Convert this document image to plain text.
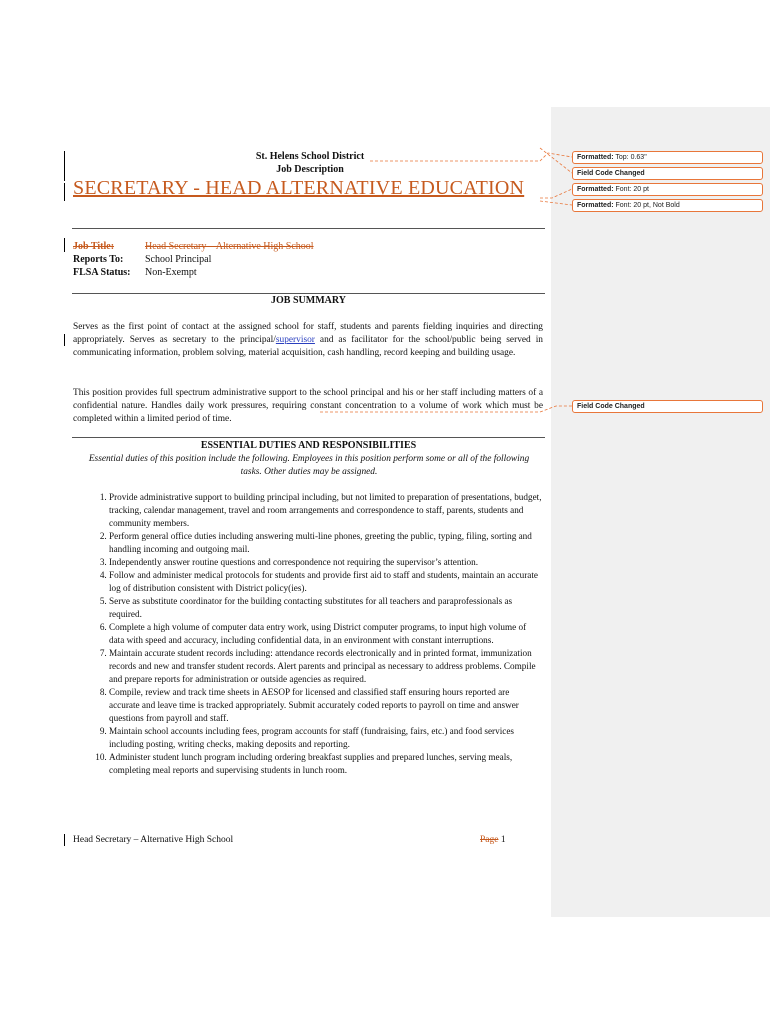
Formatted: Top: 0.63"
Field Code Changed
Formatted: Font: 20 pt
Formatted: Font: 20 pt, Not Bold
Field Code Changed
St. Helens School District
Job Description
SECRETARY - HEAD ALTERNATIVE EDUCATION
Job Title:	Head Secretary – Alternative High School
Reports To: School Principal
FLSA Status: Non-Exempt
JOB SUMMARY
Serves as the first point of contact at the assigned school for staff, students and parents fielding inquiries and directing appropriately. Serves as secretary to the principal/supervisor and as facilitator for the school/public being served in communicating information, problem solving, material acquisition, cash handling, record keeping and building usage.
This position provides full spectrum administrative support to the school principal and his or her staff including matters of a confidential nature. Handles daily work pressures, requiring constant concentration to a volume of work which must be completed within a limited period of time.
ESSENTIAL DUTIES AND RESPONSIBILITIES
Essential duties of this position include the following. Employees in this position perform some or all of the following tasks. Other duties may be assigned.
1. Provide administrative support to building principal including, but not limited to preparation of presentations, budget, tracking, calendar management, travel and room arrangements and correspondence to staff, parents, students and community members.
2. Perform general office duties including answering multi-line phones, greeting the public, typing, filing, sorting and handling incoming and outgoing mail.
3. Independently answer routine questions and correspondence not requiring the supervisor’s attention.
4. Follow and administer medical protocols for students and provide first aid to staff and students, maintain an accurate log of distribution consistent with District policy(ies).
5. Serve as substitute coordinator for the building contacting substitutes for all teachers and paraprofessionals as required.
6. Complete a high volume of computer data entry work, using District computer programs, to input high volume of data with speed and accuracy, including confidential data, in an environment with constant interruptions.
7. Maintain accurate student records including: attendance records electronically and in printed format, immunization records and new and transfer student records. Alert parents and principal as necessary to address problems. Compile and prepare reports for administration or outside agencies as required.
8. Compile, review and track time sheets in AESOP for licensed and classified staff ensuring hours reported are accurate and leave time is tracked appropriately. Submit accurately coded reports to payroll on time and answer questions from payroll and staff.
9. Maintain school accounts including fees, program accounts for staff (fundraising, fairs, etc.) and food services including posting, writing checks, making deposits and reporting.
10. Administer student lunch program including ordering breakfast supplies and prepared lunches, serving meals, completing meal reports and supervising students in lunch room.
Head Secretary – Alternative High School	Page 1
